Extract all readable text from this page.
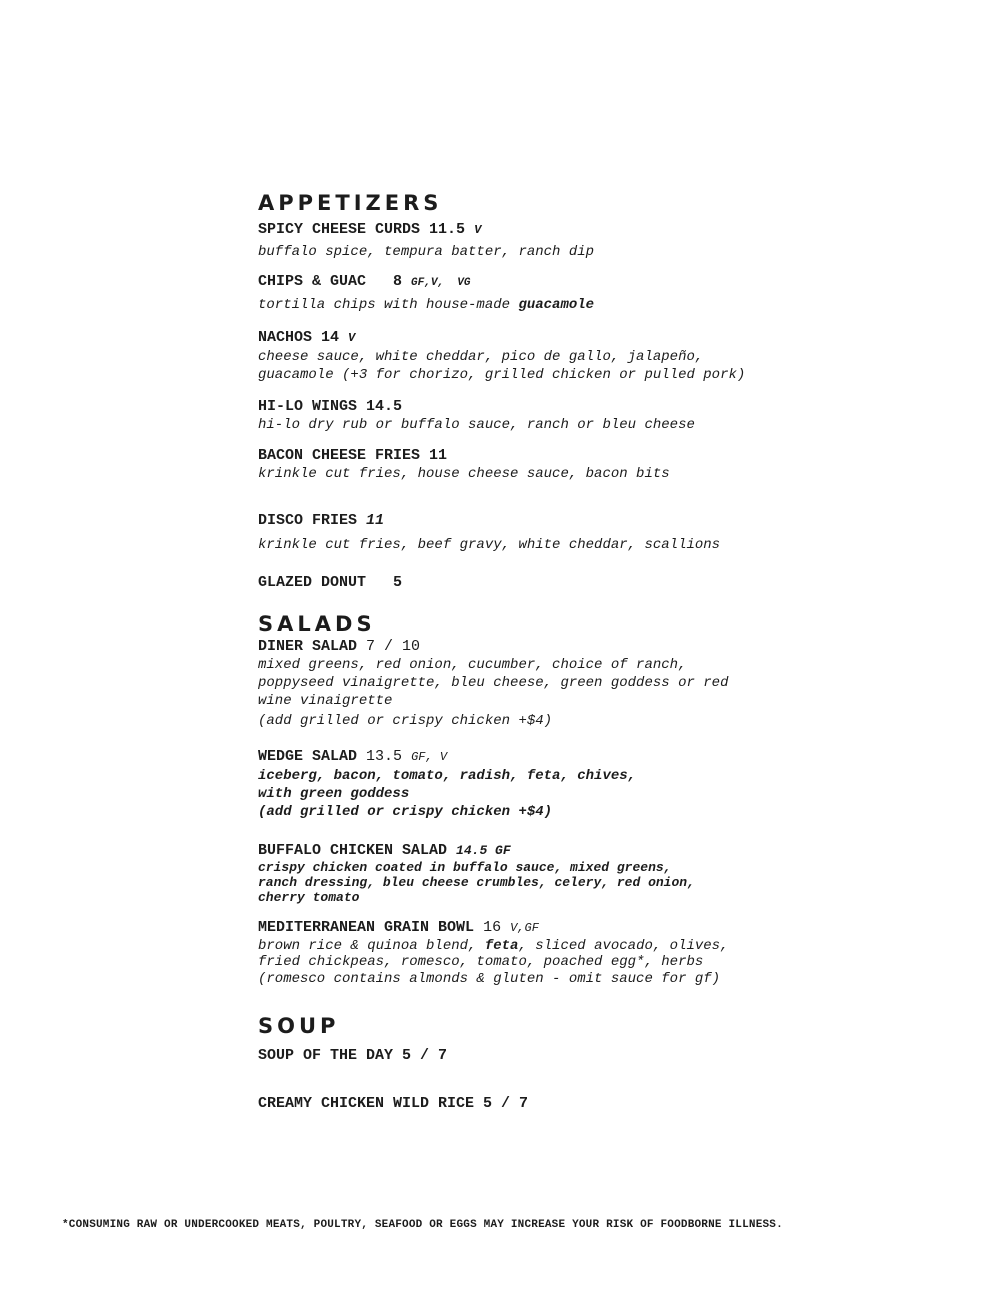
APPETIZERS

SPICY CHEESE CURDS 11.5 V

buffalo spice, tempura batter, ranch dip

CHIPS & GUAC   8 GF,V,  VG

tortilla chips with house-made guacamole

NACHOS 14 V

cheese sauce, white cheddar, pico de gallo, jalapeño,

guacamole (+3 for chorizo, grilled chicken or pulled pork)

HI-LO WINGS 14.5

hi-lo dry rub or buffalo sauce, ranch or bleu cheese

BACON CHEESE FRIES 11

krinkle cut fries, house cheese sauce, bacon bits

DISCO FRIES 11

krinkle cut fries, beef gravy, white cheddar, scallions

GLAZED DONUT   5

SALADS

DINER SALAD 7 / 10

mixed greens, red onion, cucumber, choice of ranch,

poppyseed vinaigrette, bleu cheese, green goddess or red

wine vinaigrette

(add grilled or crispy chicken +$4)

WEDGE SALAD 13.5 GF, V

iceberg, bacon, tomato, radish, feta, chives,

with green goddess

(add grilled or crispy chicken +$4)

BUFFALO CHICKEN SALAD 14.5 GF

crispy chicken coated in buffalo sauce, mixed greens,

ranch dressing, bleu cheese crumbles, celery, red onion,

cherry tomato

MEDITERRANEAN GRAIN BOWL 16 V,GF

brown rice & quinoa blend, feta, sliced avocado, olives,

fried chickpeas, romesco, tomato, poached egg*, herbs

(romesco contains almonds & gluten - omit sauce for gf)

SOUP

SOUP OF THE DAY 5 / 7

CREAMY CHICKEN WILD RICE 5 / 7

*CONSUMING RAW OR UNDERCOOKED MEATS, POULTRY, SEAFOOD OR EGGS MAY INCREASE YOUR RISK OF FOODBORNE ILLNESS.
